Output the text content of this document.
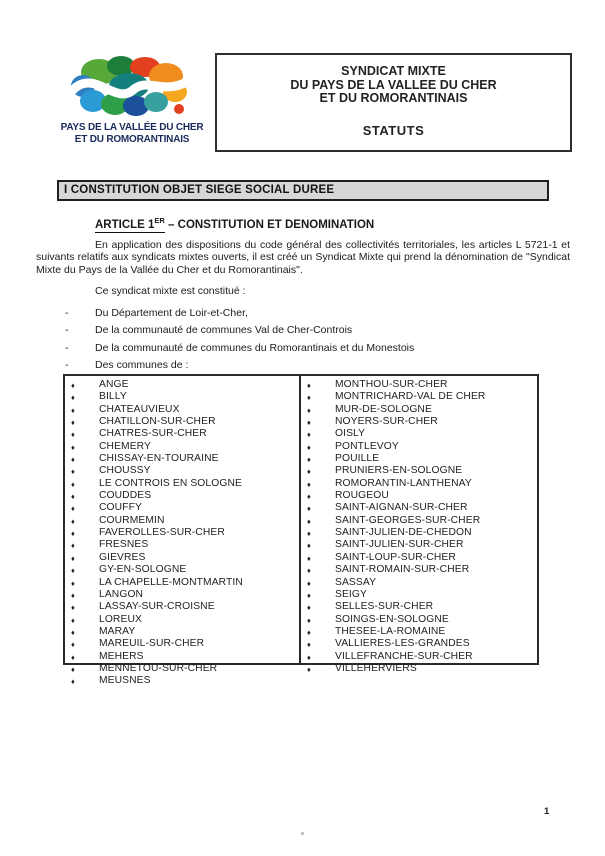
PAYS DE LA VALLÉE DU CHER
ET DU ROMORANTINAIS
SYNDICAT MIXTE
DU PAYS DE LA VALLEE DU CHER
ET DU ROMORANTINAIS
STATUTS
I CONSTITUTION OBJET SIEGE SOCIAL DUREE
ARTICLE 1ER – CONSTITUTION ET DENOMINATION

En application des dispositions du code général des collectivités territoriales, les articles L 5721-1 et suivants relatifs aux syndicats mixtes ouverts, il est créé un Syndicat Mixte qui prend la dénomination de "Syndicat Mixte du Pays de la Vallée du Cher et du Romorantinais".

Ce syndicat mixte est constitué :

-	Du Département de Loir-et-Cher,
-	De la communauté de communes Val de Cher-Controis
-	De la communauté de communes du Romorantinais et du Monestois
-	Des communes de :
♦	ANGE
♦	BILLY
♦	CHATEAUVIEUX
♦	CHATILLON-SUR-CHER
♦	CHATRES-SUR-CHER
♦	CHEMERY
♦	CHISSAY-EN-TOURAINE
♦	CHOUSSY
♦	LE CONTROIS EN SOLOGNE
♦	COUDDES
♦	COUFFY
♦	COURMEMIN
♦	FAVEROLLES-SUR-CHER
♦	FRESNES
♦	GIEVRES
♦	GY-EN-SOLOGNE
♦	LA CHAPELLE-MONTMARTIN
♦	LANGON
♦	LASSAY-SUR-CROISNE
♦	LOREUX
♦	MARAY
♦	MAREUIL-SUR-CHER
♦	MEHERS
♦	MENNETOU-SUR-CHER
♦	MEUSNES
♦	MONTHOU-SUR-CHER
♦	MONTRICHARD-VAL DE CHER
♦	MUR-DE-SOLOGNE
♦	NOYERS-SUR-CHER
♦	OISLY
♦	PONTLEVOY
♦	POUILLE
♦	PRUNIERS-EN-SOLOGNE
♦	ROMORANTIN-LANTHENAY
♦	ROUGEOU
♦	SAINT-AIGNAN-SUR-CHER
♦	SAINT-GEORGES-SUR-CHER
♦	SAINT-JULIEN-DE-CHEDON
♦	SAINT-JULIEN-SUR-CHER
♦	SAINT-LOUP-SUR-CHER
♦	SAINT-ROMAIN-SUR-CHER
♦	SASSAY
♦	SEIGY
♦	SELLES-SUR-CHER
♦	SOINGS-EN-SOLOGNE
♦	THESEE-LA-ROMAINE
♦	VALLIERES-LES-GRANDES
♦	VILLEFRANCHE-SUR-CHER
♦	VILLEHERVIERS
1
